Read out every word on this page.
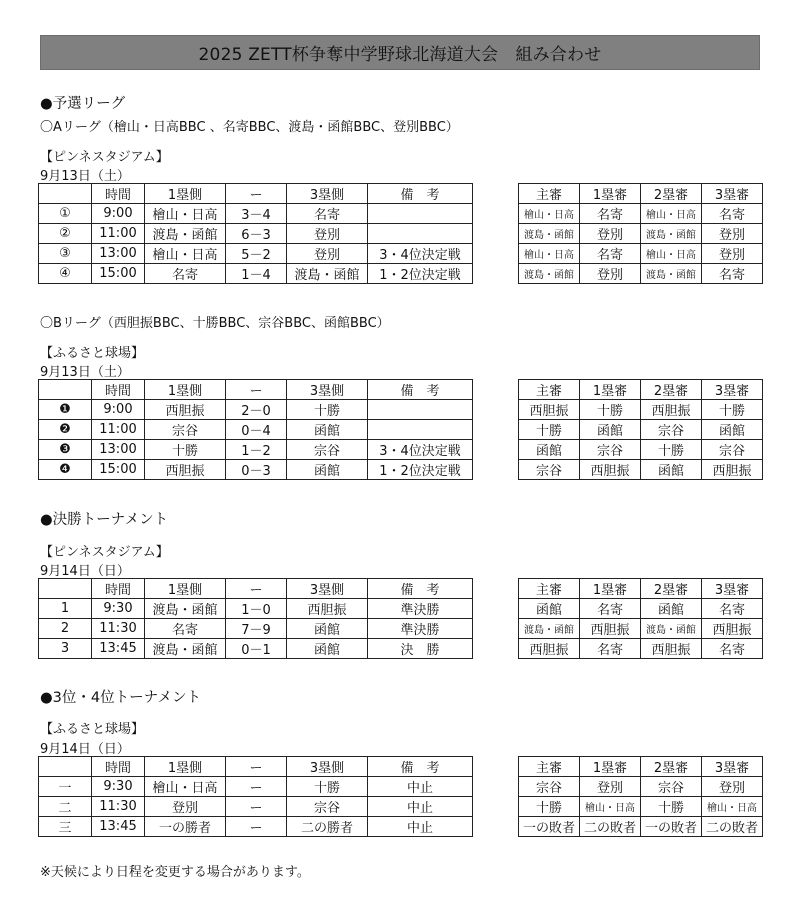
2025 ZETT杯争奪中学野球北海道大会　組み合わせ
●予選リーグ
〇Aリーグ（檜山・日高BBC 、名寄BBC、渡島・函館BBC、登別BBC）
【ピンネスタジアム】
9月13日（土）
	時間	1塁側	ー	3塁側	備　考
①	9:00	檜山・日高	3－4	名寄	
②	11:00	渡島・函館	6－3	登別	
③	13:00	檜山・日高	5－2	登別	3・4位決定戦
④	15:00	名寄	1－4	渡島・函館	1・2位決定戦
主審	1塁審	2塁審	3塁審
檜山・日高	名寄	檜山・日高	名寄
渡島・函館	登別	渡島・函館	登別
檜山・日高	名寄	檜山・日高	登別
渡島・函館	登別	渡島・函館	名寄
〇Bリーグ（西胆振BBC、十勝BBC、宗谷BBC、函館BBC）
【ふるさと球場】
9月13日（土）
	時間	1塁側	ー	3塁側	備　考
❶	9:00	西胆振	2－0	十勝	
❷	11:00	宗谷	0－4	函館	
❸	13:00	十勝	1－2	宗谷	3・4位決定戦
❹	15:00	西胆振	0－3	函館	1・2位決定戦
主審	1塁審	2塁審	3塁審
西胆振	十勝	西胆振	十勝
十勝	函館	宗谷	函館
函館	宗谷	十勝	宗谷
宗谷	西胆振	函館	西胆振
●決勝トーナメント
【ピンネスタジアム】
9月14日（日）
	時間	1塁側	ー	3塁側	備　考
1	9:30	渡島・函館	1－0	西胆振	準決勝
2	11:30	名寄	7－9	函館	準決勝
3	13:45	渡島・函館	0－1	函館	決　勝
主審	1塁審	2塁審	3塁審
函館	名寄	函館	名寄
渡島・函館	西胆振	渡島・函館	西胆振
西胆振	名寄	西胆振	名寄
●3位・4位トーナメント
【ふるさと球場】
9月14日（日）
	時間	1塁側	ー	3塁側	備　考
一	9:30	檜山・日高	ー	十勝	中止
二	11:30	登別	ー	宗谷	中止
三	13:45	一の勝者	ー	二の勝者	中止
主審	1塁審	2塁審	3塁審
宗谷	登別	宗谷	登別
十勝	檜山・日高	十勝	檜山・日高
一の敗者	二の敗者	一の敗者	二の敗者
※天候により日程を変更する場合があります。
